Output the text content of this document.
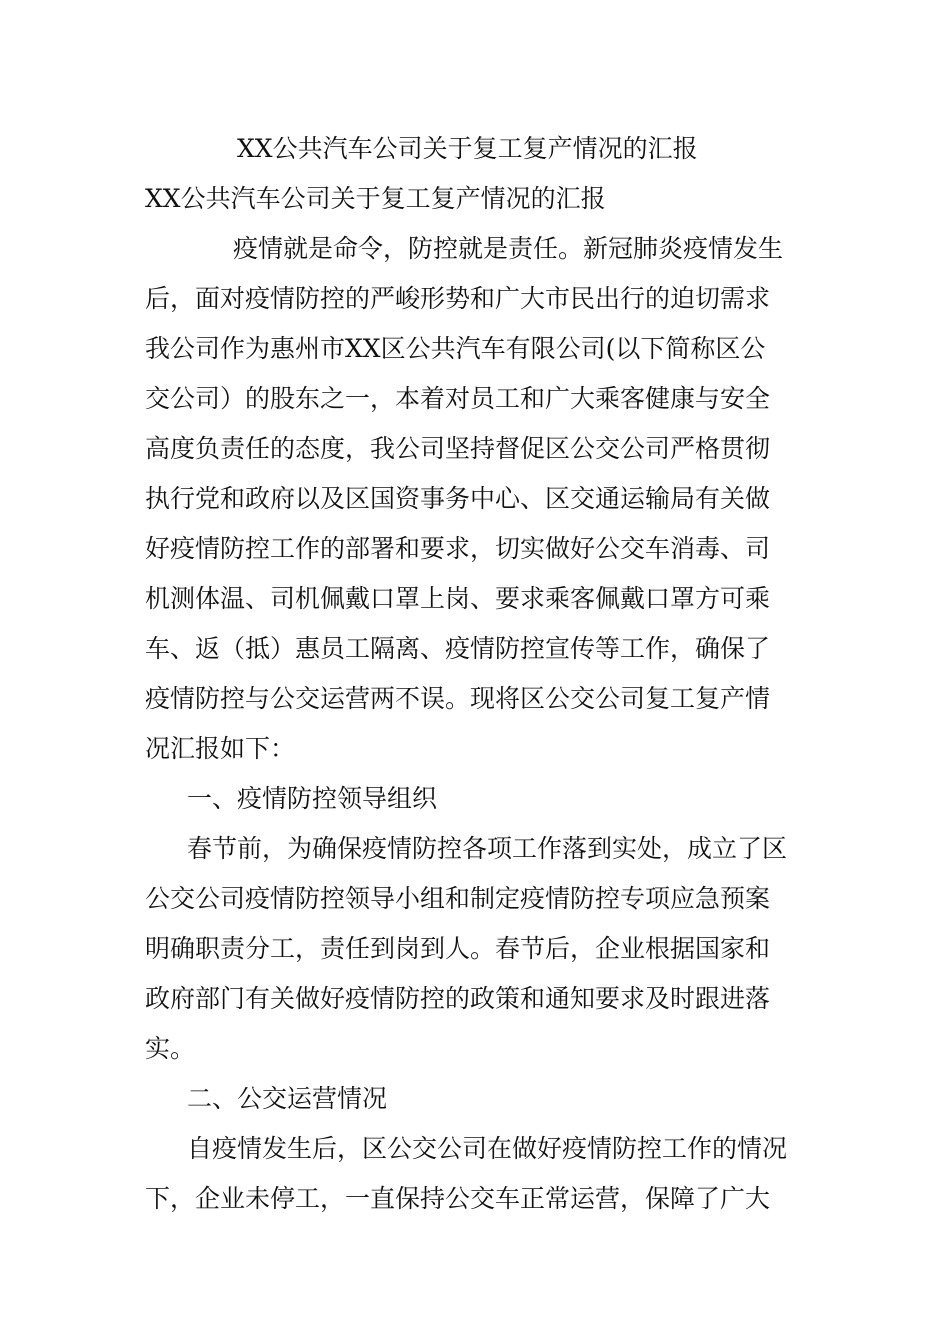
XX公共汽车公司关于复工复产情况的汇报
XX公共汽车公司关于复工复产情况的汇报
疫情就是命令，防控就是责任。新冠肺炎疫情发生
后，面对疫情防控的严峻形势和广大市民出行的迫切需求
我公司作为惠州市XX区公共汽车有限公司(以下简称区公
交公司）的股东之一，本着对员工和广大乘客健康与安全
高度负责任的态度，我公司坚持督促区公交公司严格贯彻
执行党和政府以及区国资事务中心、区交通运输局有关做
好疫情防控工作的部署和要求，切实做好公交车消毒、司
机测体温、司机佩戴口罩上岗、要求乘客佩戴口罩方可乘
车、返（抵）惠员工隔离、疫情防控宣传等工作，确保了
疫情防控与公交运营两不误。现将区公交公司复工复产情
况汇报如下：
一、疫情防控领导组织
春节前，为确保疫情防控各项工作落到实处，成立了区
公交公司疫情防控领导小组和制定疫情防控专项应急预案
明确职责分工，责任到岗到人。春节后，企业根据国家和
政府部门有关做好疫情防控的政策和通知要求及时跟进落
实。
二、公交运营情况
自疫情发生后，区公交公司在做好疫情防控工作的情况
下，企业未停工，一直保持公交车正常运营，保障了广大
